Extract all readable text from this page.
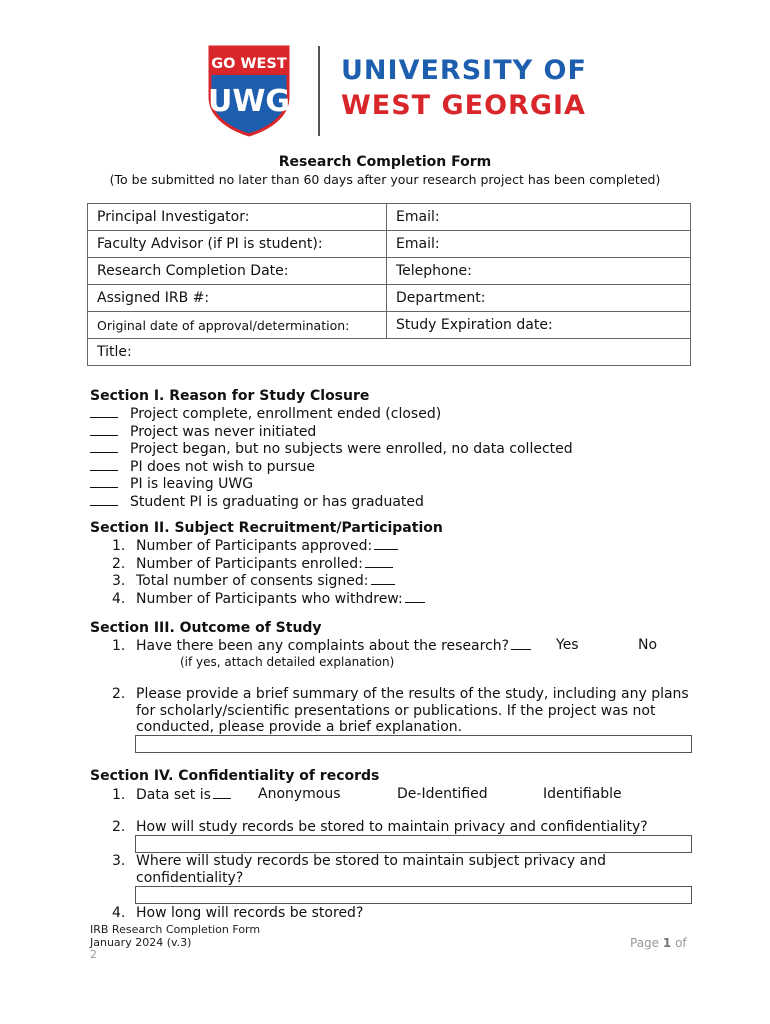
GO WEST
UWG
UNIVERSITY OF
WEST GEORGIA
Research Completion Form
(To be submitted no later than 60 days after your research project has been completed)
Principal Investigator:	Email:
Faculty Advisor (if PI is student):	Email:
Research Completion Date:	Telephone:
Assigned IRB #:	Department:
Original date of approval/determination:	Study Expiration date:
Title:	
Section I. Reason for Study Closure
Project complete, enrollment ended (closed)
Project was never initiated
Project began, but no subjects were enrolled, no data collected
PI does not wish to pursue
PI is leaving UWG
Student PI is graduating or has graduated
Section II. Subject Recruitment/Participation
1. Number of Participants approved:
2. Number of Participants enrolled:
3. Total number of consents signed:
4. Number of Participants who withdrew:
Section III. Outcome of Study
1. Have there been any complaints about the research?	Yes	No
(if yes, attach detailed explanation)
2. Please provide a brief summary of the results of the study, including any plans
for scholarly/scientific presentations or publications. If the project was not
conducted, please provide a brief explanation.
Section IV. Confidentiality of records
1. Data set is	Anonymous	De-Identified	Identifiable
2. How will study records be stored to maintain privacy and confidentiality?
3. Where will study records be stored to maintain subject privacy and
confidentiality?
4. How long will records be stored?
IRB Research Completion Form
January 2024 (v.3)
2
Page 1 of
